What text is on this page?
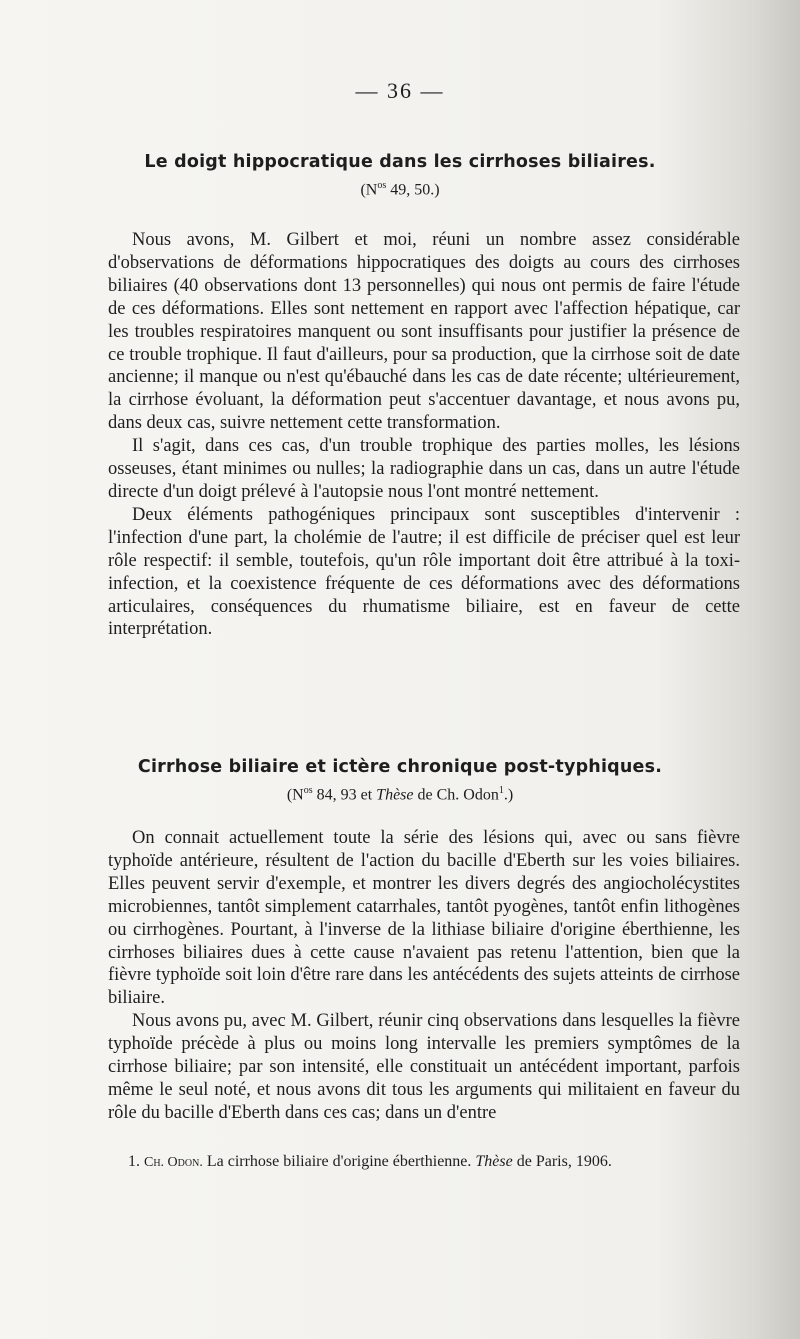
— 36 —
Le doigt hippocratique dans les cirrhoses biliaires.
($N^{os}$ 49, 50.)

Nous avons, M. Gilbert et moi, réuni un nombre assez considérable d'observations de déformations hippocratiques des doigts au cours des cirrhoses biliaires (40 observations dont 13 personnelles) qui nous ont permis de faire l'étude de ces déformations. Elles sont nettement en rapport avec l'affection hépatique, car les troubles respiratoires manquent ou sont insuffisants pour justifier la présence de ce trouble trophique. Il faut d'ailleurs, pour sa production, que la cirrhose soit de date ancienne; il manque ou n'est qu'ébauché dans les cas de date récente; ultérieurement, la cirrhose évoluant, la déformation peut s'accentuer davantage, et nous avons pu, dans deux cas, suivre nettement cette transformation.

Il s'agit, dans ces cas, d'un trouble trophique des parties molles, les lésions osseuses, étant minimes ou nulles; la radiographie dans un cas, dans un autre l'étude directe d'un doigt prélevé à l'autopsie nous l'ont montré nettement.

Deux éléments pathogéniques principaux sont susceptibles d'intervenir : l'infection d'une part, la cholémie de l'autre; il est difficile de préciser quel est leur rôle respectif: il semble, toutefois, qu'un rôle important doit être attribué à la toxi-infection, et la coexistence fréquente de ces déformations avec des déformations articulaires, conséquences du rhumatisme biliaire, est en faveur de cette interprétation.

Cirrhose biliaire et ictère chronique post-typhiques.
($N^{os}$ 84, 93 et Thèse de Ch. Odon$^1$.)

On connait actuellement toute la série des lésions qui, avec ou sans fièvre typhoïde antérieure, résultent de l'action du bacille d'Eberth sur les voies biliaires. Elles peuvent servir d'exemple, et montrer les divers degrés des angiocholécystites microbiennes, tantôt simplement catarrhales, tantôt pyogènes, tantôt enfin lithogènes ou cirrhogènes. Pourtant, à l'inverse de la lithiase biliaire d'origine éberthienne, les cirrhoses biliaires dues à cette cause n'avaient pas retenu l'attention, bien que la fièvre typhoïde soit loin d'être rare dans les antécédents des sujets atteints de cirrhose biliaire.

Nous avons pu, avec M. Gilbert, réunir cinq observations dans lesquelles la fièvre typhoïde précède à plus ou moins long intervalle les premiers symptômes de la cirrhose biliaire; par son intensité, elle constituait un antécédent important, parfois même le seul noté, et nous avons dit tous les arguments qui militaient en faveur du rôle du bacille d'Eberth dans ces cas; dans un d'entre

1. Ch. Odon. La cirrhose biliaire d'origine éberthienne. Thèse de Paris, 1906.
